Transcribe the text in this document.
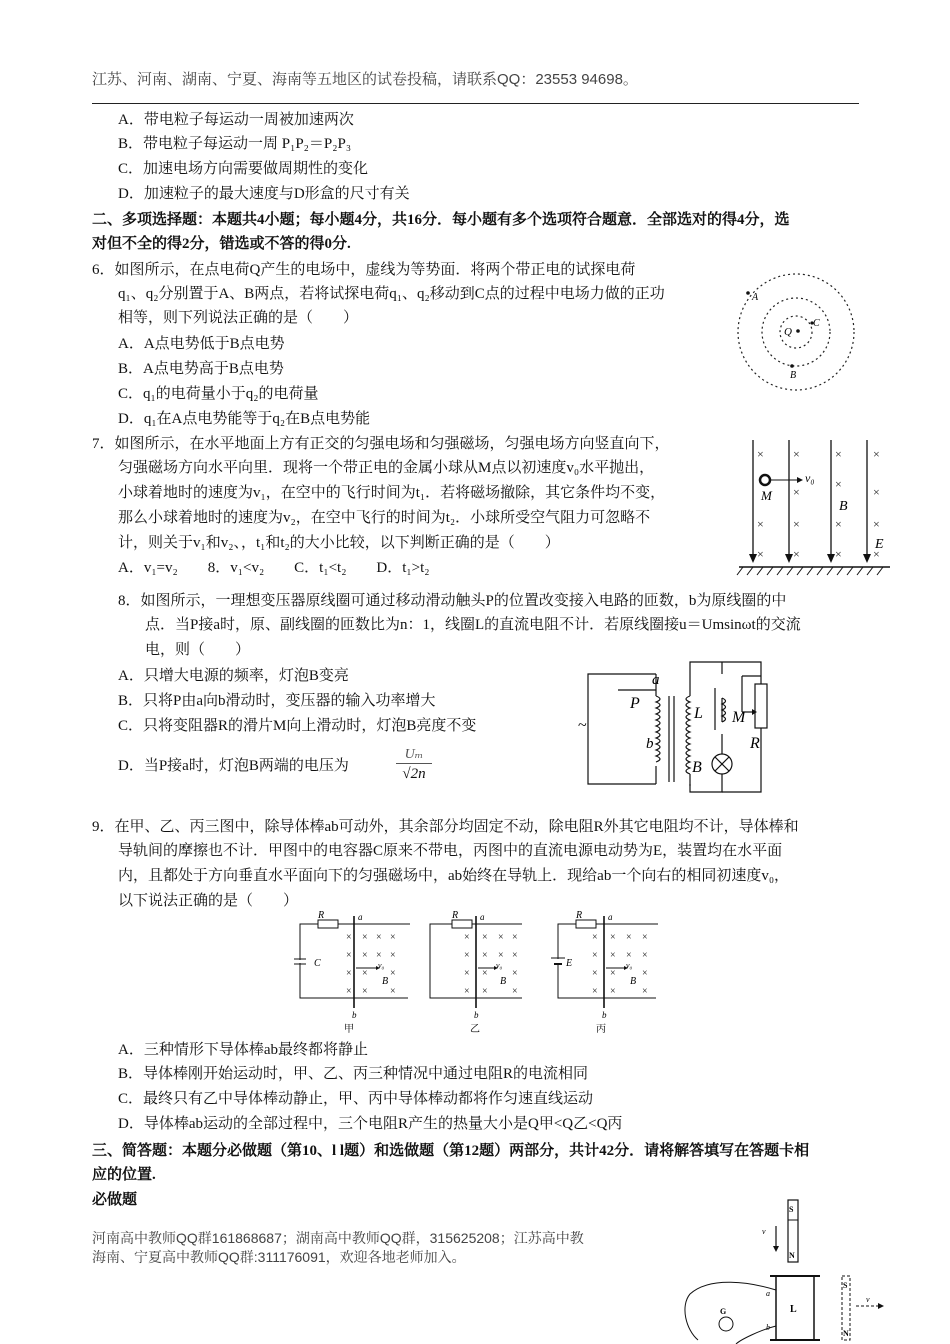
江苏、河南、湖南、宁夏、海南等五地区的试卷投稿，请联系QQ：23553 94698。
A．带电粒子每运动一周被加速两次
B．带电粒子每运动一周 P₁P₂＝P₂P₃
C．加速电场方向需要做周期性的变化
D．加速粒子的最大速度与D形盒的尺寸有关
二、多项选择题：本题共4小题；每小题4分，共16分．每小题有多个选项符合题意．全部选对的得4分，选
对但不全的得2分，错选或不答的得0分.
6．如图所示，在点电荷Q产生的电场中，虚线为等势面．将两个带正电的试探电荷
q₁、q₂分别置于A、B两点，若将试探电荷q₁、q₂移动到C点的过程中电场力做的正功
相等，则下列说法正确的是（　　）
A．A点电势低于B点电势
B．A点电势高于B点电势
C．q₁的电荷量小于q₂的电荷量
D．q₁在A点电势能等于q₂在B点电势能
Q
A
C
B
7．如图所示，在水平地面上方有正交的匀强电场和匀强磁场，匀强电场方向竖直向下，
匀强磁场方向水平向里．现将一个带正电的金属小球从M点以初速度v₀水平抛出，
小球着地时的速度为v₁，在空中的飞行时间为t₁．若将磁场撤除，其它条件均不变，
那么小球着地时的速度为v₂，在空中飞行的时间为t₂．小球所受空气阻力可忽略不
计，则关于v₁和v₂、，t₁和t₂的大小比较，以下判断正确的是（　　）
A．v₁=v₂　　8．v₁<v₂　　C．t₁<t₂　　D．t₁>t₂
× ×	×	×
× ×	×	×
× ×	×	×
×	×
×
M
v₀
B
E
8．如图所示，一理想变压器原线圈可通过移动滑动触头P的位置改变接入电路的匝数，b为原线圈的中
点．当P接a时，原、副线圈的匝数比为n：1，线圈L的直流电阻不计．若原线圈接u＝Umsinωt的交流
电，则（　　）
A．只增大电源的频率，灯泡B变亮
B．只将P由a向b滑动时，变压器的输入功率增大
C．只将变阻器R的滑片M向上滑动时，灯泡B亮度不变
D．当P接a时，灯泡B两端的电压为	$\frac{\text{Uₘ}}{√2n}$
~
P
a
b
L M
R
B
9．在甲、乙、丙三图中，除导体棒ab可动外，其余部分均固定不动，除电阻R外其它电阻均不计，导体棒和
导轨间的摩擦也不计．甲图中的电容器C原来不带电，丙图中的直流电源电动势为E，装置均在水平面
内，且都处于方向垂直水平面向下的匀强磁场中，ab始终在导轨上．现给ab一个向右的相同初速度v₀，
以下说法正确的是（　　）
× × × ×
× × × ×
× × ×
× × ×
R	a
b
C	v₀
B
甲
× × × ×
× × × ×
× × ×
× × ×
R a
b
v₀
B
乙
× × × ×
× × × ×
× ×	×
× ×	×
R	a
b
E	v₀
B
丙
A．三种情形下导体棒ab最终都将静止
B．导体棒刚开始运动时，甲、乙、丙三种情况中通过电阻R的电流相同
C．最终只有乙中导体棒动静止，甲、丙中导体棒动都将作匀速直线运动
D．导体棒ab运动的全部过程中，三个电阻R产生的热量大小是Q甲<Q乙<Q丙
三、简答题：本题分必做题（第10、l l题）和选做题（第12题）两部分，共计42分．请将解答填写在答题卡相
应的位置.
必做题
河南高中教师QQ群161868687；湖南高中教师QQ群，315625208；江苏高中教
海南、宁夏高中教师QQ群:311176091，欢迎各地老师加入。
S
N
v
L
a
b
G
S
N
v
